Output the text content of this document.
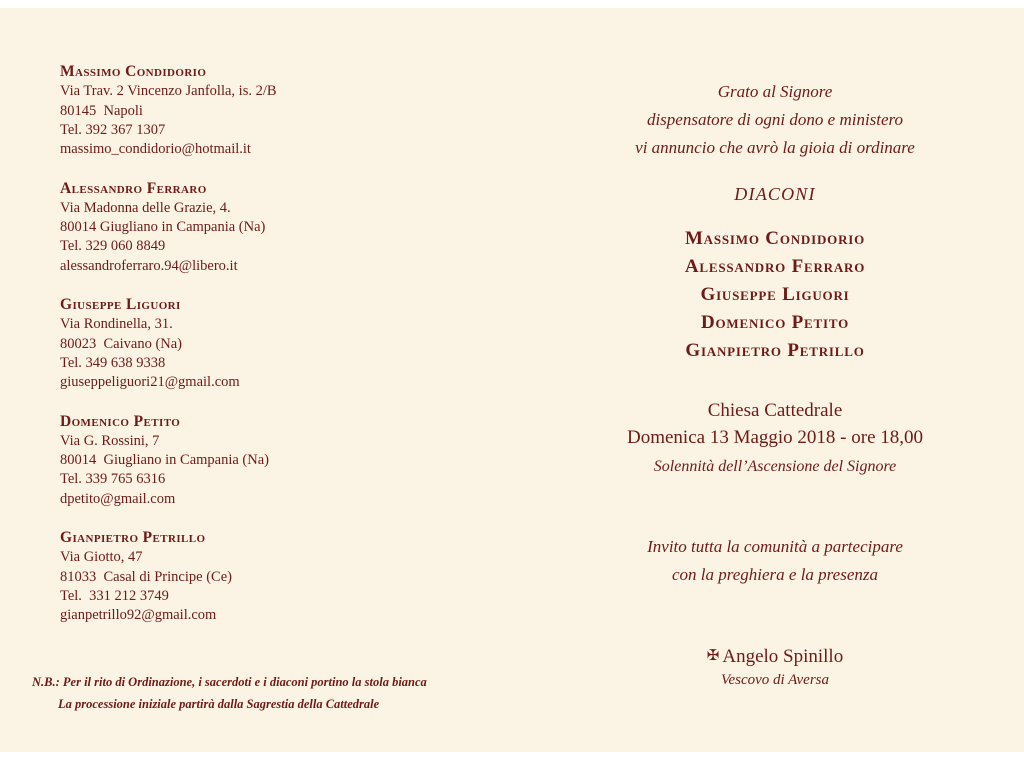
Massimo Condidorio
Via Trav. 2 Vincenzo Janfolla, is. 2/B
80145  Napoli
Tel. 392 367 1307
massimo_condidorio@hotmail.it
Alessandro Ferraro
Via Madonna delle Grazie, 4.
80014 Giugliano in Campania (Na)
Tel. 329 060 8849
alessandroferraro.94@libero.it
Giuseppe Liguori
Via Rondinella, 31.
80023  Caivano (Na)
Tel. 349 638 9338
giuseppeliguori21@gmail.com
Domenico Petito
Via G. Rossini, 7
80014  Giugliano in Campania (Na)
Tel. 339 765 6316
dpetito@gmail.com
Gianpietro Petrillo
Via Giotto, 47
81033  Casal di Principe (Ce)
Tel.  331 212 3749
gianpetrillo92@gmail.com
Grato al Signore
dispensatore di ogni dono e ministero
vi annuncio che avrò la gioia di ordinare
DIACONI
Massimo Condidorio
Alessandro Ferraro
Giuseppe Liguori
Domenico Petito
Gianpietro Petrillo
Chiesa Cattedrale
Domenica 13 Maggio 2018 - ore 18,00
Solennità dell’Ascensione del Signore
Invito tutta la comunità a partecipare
con la preghiera e la presenza
✠ Angelo Spinillo
Vescovo di Aversa
N.B.: Per il rito di Ordinazione, i sacerdoti e i diaconi portino la stola bianca
La processione iniziale partirà dalla Sagrestia della Cattedrale
